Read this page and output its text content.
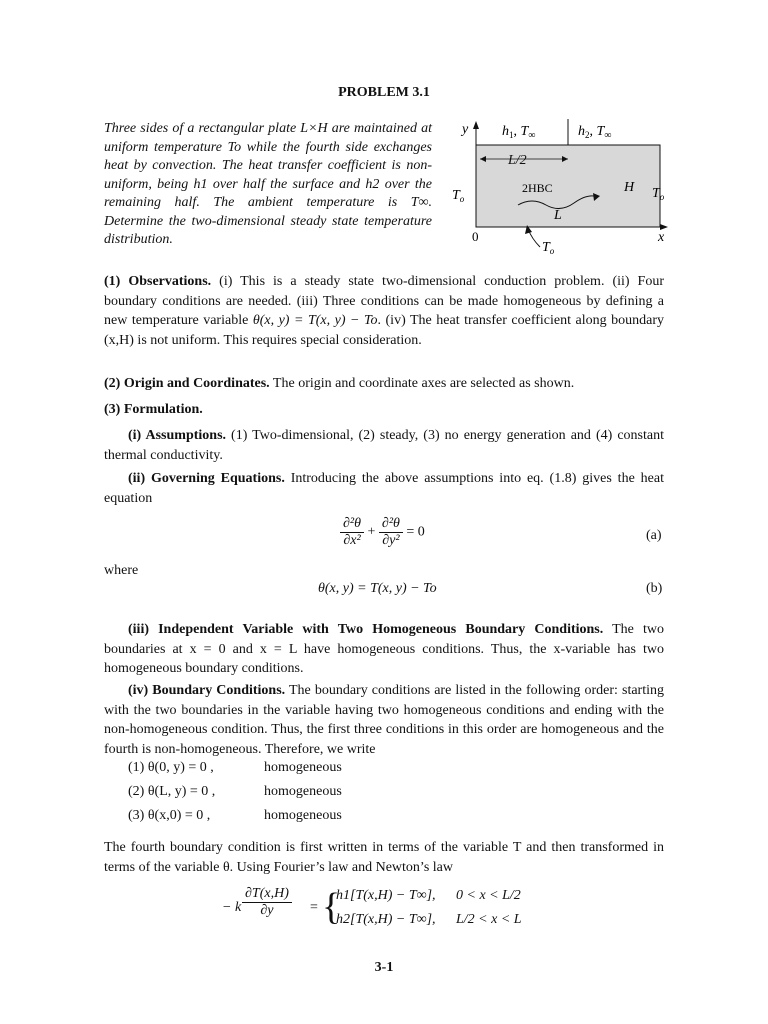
PROBLEM 3.1
Three sides of a rectangular plate L×H are maintained at uniform temperature To while the fourth side exchanges heat by convection. The heat transfer coefficient is non-uniform, being h1 over half the surface and h2 over the remaining half. The ambient temperature is T∞. Determine the two-dimensional steady state temperature distribution.
y
x
0
$h_1$, $T_\infty$	$h_2$, $T_\infty$
L/2
H
L
2HBC
$T_o$	$T_o$
$T_o$
(1) Observations. (i) This is a steady state two-dimensional conduction problem. (ii) Four boundary conditions are needed. (iii) Three conditions can be made homogeneous by defining a new temperature variable θ(x, y) = T(x, y) − To. (iv) The heat transfer coefficient along boundary (x,H) is not uniform. This requires special consideration.
(2) Origin and Coordinates. The origin and coordinate axes are selected as shown.
(3) Formulation.
(i) Assumptions. (1) Two-dimensional, (2) steady, (3) no energy generation and (4) constant thermal conductivity.
(ii) Governing Equations. Introducing the above assumptions into eq. (1.8) gives the heat equation
$\frac{\text{∂²θ}}{\text{∂x²}} + \frac{\text{∂²θ}}{\text{∂y²}} = 0$	(a)
where
θ(x, y) = T(x, y) − To	(b)
(iii) Independent Variable with Two Homogeneous Boundary Conditions. The two boundaries at x = 0 and x = L have homogeneous conditions. Thus, the x-variable has two homogeneous boundary conditions.
(iv) Boundary Conditions. The boundary conditions are listed in the following order: starting with the two boundaries in the variable having two homogeneous conditions and ending with the non-homogeneous condition. Thus, the first three conditions in this order are homogeneous and the fourth is non-homogeneous. Therefore, we write
(1) θ(0, y) = 0 ,	homogeneous
(2) θ(L, y) = 0 ,	homogeneous
(3) θ(x,0) = 0 ,	homogeneous
The fourth boundary condition is first written in terms of the variable T and then transformed in terms of the variable θ. Using Fourier’s law and Newton’s law
− k $\frac{\partial T(x,H)}{\partial y}$ = {
h1[T(x,H) − T∞], 0 < x < L/2
h2[T(x,H) − T∞], L/2 < x < L
3-1
